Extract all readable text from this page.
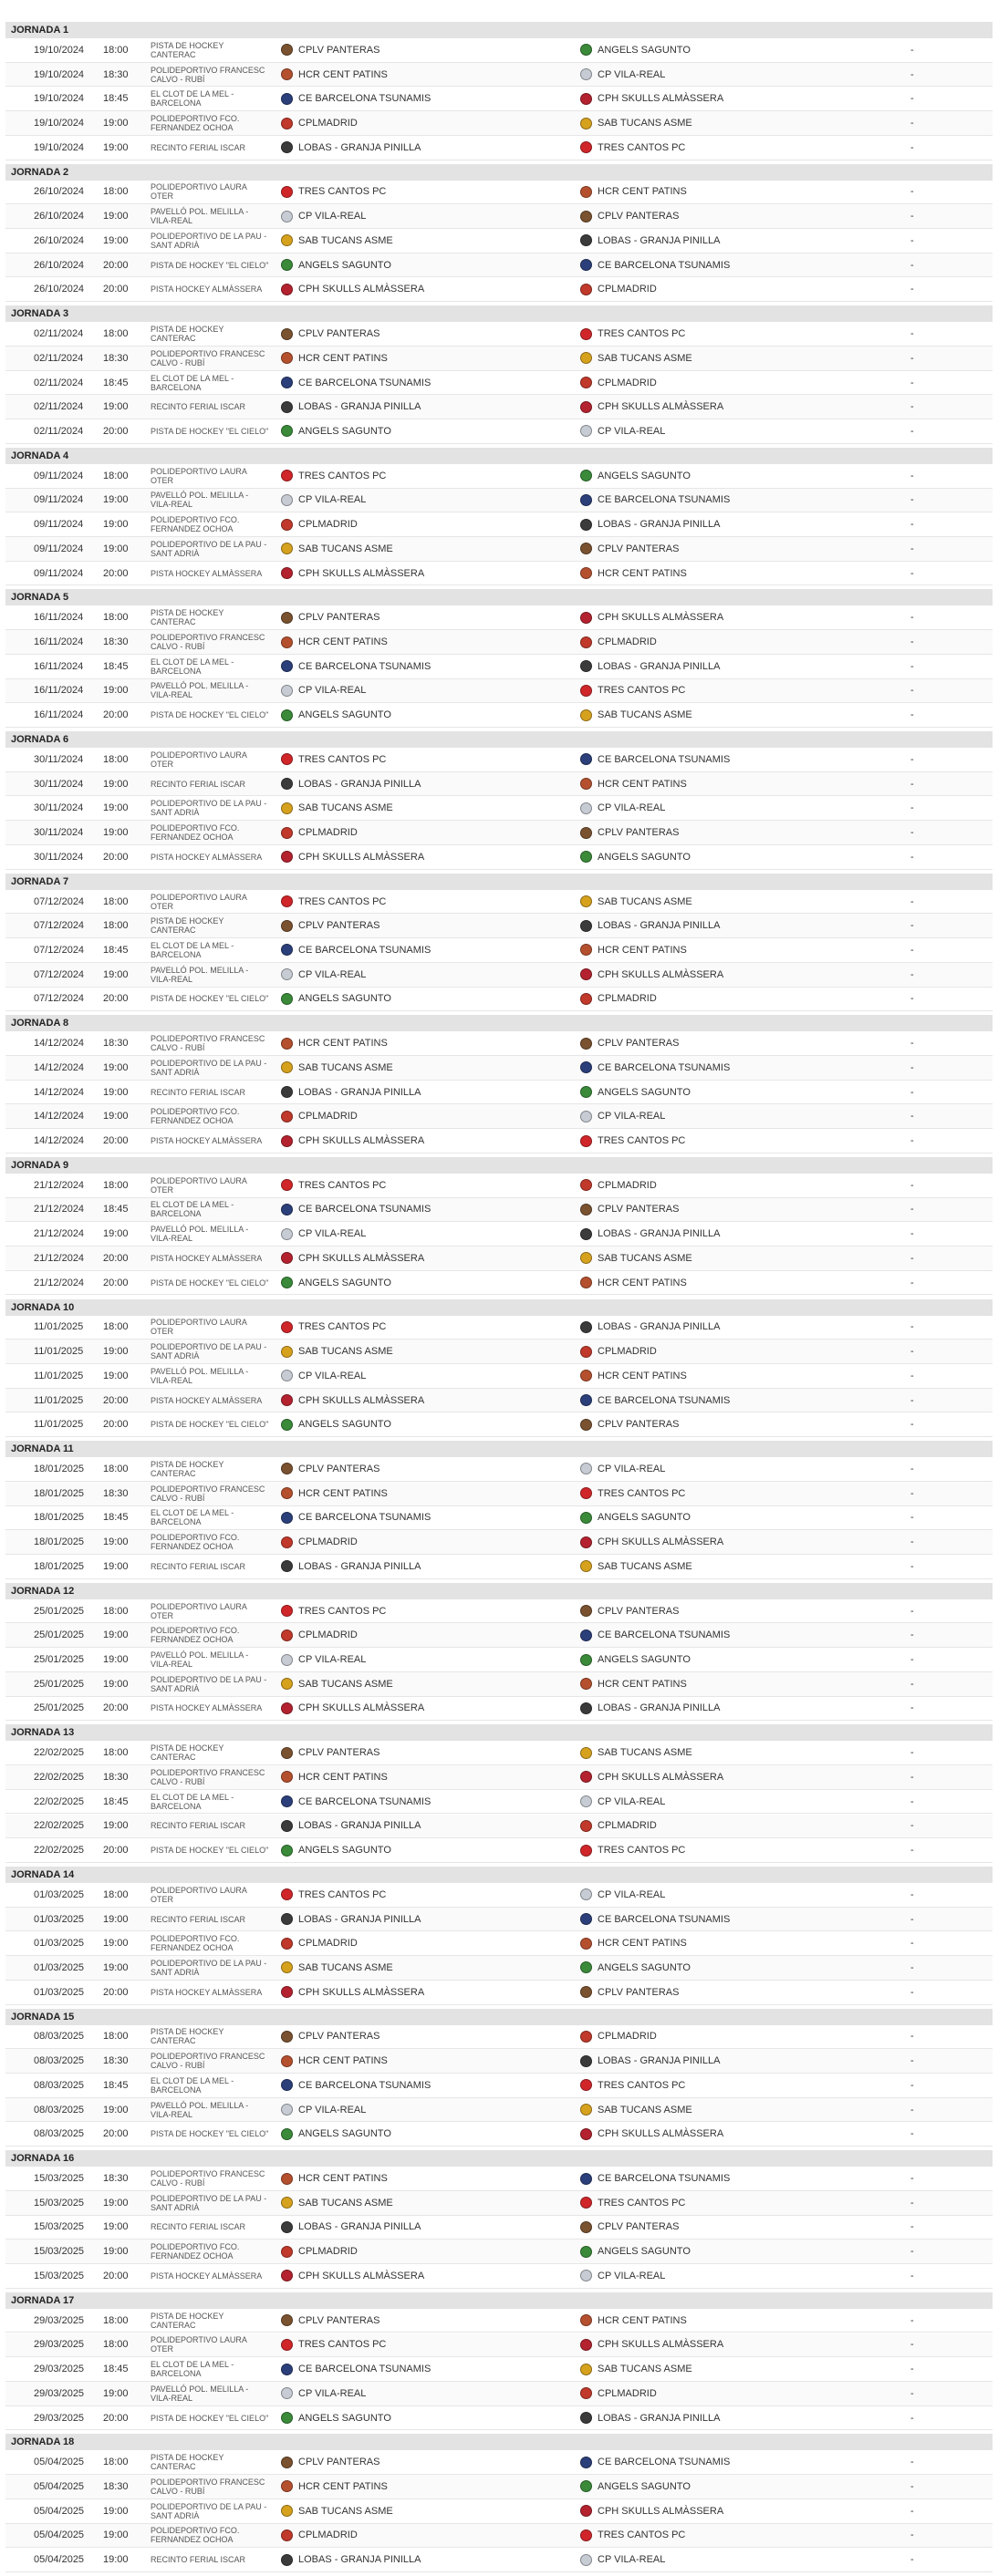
JORNADA 1
19/10/2024 18:00	PISTA DE HOCKEY CANTERAC	CPLV PANTERAS	ANGELS SAGUNTO	-
19/10/2024 18:30	POLIDEPORTIVO FRANCESC CALVO - RUBÍ	HCR CENT PATINS	CP VILA-REAL	-
19/10/2024 18:45	EL CLOT DE LA MEL - BARCELONA	CE BARCELONA TSUNAMIS	CPH SKULLS ALMÀSSERA	-
19/10/2024 19:00	POLIDEPORTIVO FCO. FERNANDEZ OCHOA	CPLMADRID	SAB TUCANS ASME	-
19/10/2024 19:00	RECINTO FERIAL ISCAR	LOBAS - GRANJA PINILLA	TRES CANTOS PC	-
JORNADA 2
26/10/2024 18:00	POLIDEPORTIVO LAURA OTER	TRES CANTOS PC	HCR CENT PATINS	-
26/10/2024 19:00	PAVELLÓ POL. MELILLA - VILA-REAL	CP VILA-REAL	CPLV PANTERAS	-
26/10/2024 19:00	POLIDEPORTIVO DE LA PAU - SANT ADRIÀ	SAB TUCANS ASME	LOBAS - GRANJA PINILLA	-
26/10/2024 20:00	PISTA DE HOCKEY "EL CIELO"	ANGELS SAGUNTO	CE BARCELONA TSUNAMIS	-
26/10/2024 20:00	PISTA HOCKEY ALMÀSSERA	CPH SKULLS ALMÀSSERA	CPLMADRID	-
JORNADA 3
02/11/2024 18:00	PISTA DE HOCKEY CANTERAC	CPLV PANTERAS	TRES CANTOS PC	-
02/11/2024 18:30	POLIDEPORTIVO FRANCESC CALVO - RUBÍ	HCR CENT PATINS	SAB TUCANS ASME	-
02/11/2024 18:45	EL CLOT DE LA MEL - BARCELONA	CE BARCELONA TSUNAMIS	CPLMADRID	-
02/11/2024 19:00	RECINTO FERIAL ISCAR	LOBAS - GRANJA PINILLA	CPH SKULLS ALMÀSSERA	-
02/11/2024 20:00	PISTA DE HOCKEY "EL CIELO"	ANGELS SAGUNTO	CP VILA-REAL	-
JORNADA 4
09/11/2024 18:00	POLIDEPORTIVO LAURA OTER	TRES CANTOS PC	ANGELS SAGUNTO	-
09/11/2024 19:00	PAVELLÓ POL. MELILLA - VILA-REAL	CP VILA-REAL	CE BARCELONA TSUNAMIS	-
09/11/2024 19:00	POLIDEPORTIVO FCO. FERNANDEZ OCHOA	CPLMADRID	LOBAS - GRANJA PINILLA	-
09/11/2024 19:00	POLIDEPORTIVO DE LA PAU - SANT ADRIÀ	SAB TUCANS ASME	CPLV PANTERAS	-
09/11/2024 20:00	PISTA HOCKEY ALMÀSSERA	CPH SKULLS ALMÀSSERA	HCR CENT PATINS	-
JORNADA 5
16/11/2024 18:00	PISTA DE HOCKEY CANTERAC	CPLV PANTERAS	CPH SKULLS ALMÀSSERA	-
16/11/2024 18:30	POLIDEPORTIVO FRANCESC CALVO - RUBÍ	HCR CENT PATINS	CPLMADRID	-
16/11/2024 18:45	EL CLOT DE LA MEL - BARCELONA	CE BARCELONA TSUNAMIS	LOBAS - GRANJA PINILLA	-
16/11/2024 19:00	PAVELLÓ POL. MELILLA - VILA-REAL	CP VILA-REAL	TRES CANTOS PC	-
16/11/2024 20:00	PISTA DE HOCKEY "EL CIELO"	ANGELS SAGUNTO	SAB TUCANS ASME	-
JORNADA 6
30/11/2024 18:00	POLIDEPORTIVO LAURA OTER	TRES CANTOS PC	CE BARCELONA TSUNAMIS	-
30/11/2024 19:00	RECINTO FERIAL ISCAR	LOBAS - GRANJA PINILLA	HCR CENT PATINS	-
30/11/2024 19:00	POLIDEPORTIVO DE LA PAU - SANT ADRIÀ	SAB TUCANS ASME	CP VILA-REAL	-
30/11/2024 19:00	POLIDEPORTIVO FCO. FERNANDEZ OCHOA	CPLMADRID	CPLV PANTERAS	-
30/11/2024 20:00	PISTA HOCKEY ALMÀSSERA	CPH SKULLS ALMÀSSERA	ANGELS SAGUNTO	-
JORNADA 7
07/12/2024 18:00	POLIDEPORTIVO LAURA OTER	TRES CANTOS PC	SAB TUCANS ASME	-
07/12/2024 18:00	PISTA DE HOCKEY CANTERAC	CPLV PANTERAS	LOBAS - GRANJA PINILLA	-
07/12/2024 18:45	EL CLOT DE LA MEL - BARCELONA	CE BARCELONA TSUNAMIS	HCR CENT PATINS	-
07/12/2024 19:00	PAVELLÓ POL. MELILLA - VILA-REAL	CP VILA-REAL	CPH SKULLS ALMÀSSERA	-
07/12/2024 20:00	PISTA DE HOCKEY "EL CIELO"	ANGELS SAGUNTO	CPLMADRID	-
JORNADA 8
14/12/2024 18:30	POLIDEPORTIVO FRANCESC CALVO - RUBÍ	HCR CENT PATINS	CPLV PANTERAS	-
14/12/2024 19:00	POLIDEPORTIVO DE LA PAU - SANT ADRIÀ	SAB TUCANS ASME	CE BARCELONA TSUNAMIS	-
14/12/2024 19:00	RECINTO FERIAL ISCAR	LOBAS - GRANJA PINILLA	ANGELS SAGUNTO	-
14/12/2024 19:00	POLIDEPORTIVO FCO. FERNANDEZ OCHOA	CPLMADRID	CP VILA-REAL	-
14/12/2024 20:00	PISTA HOCKEY ALMÀSSERA	CPH SKULLS ALMÀSSERA	TRES CANTOS PC	-
JORNADA 9
21/12/2024 18:00	POLIDEPORTIVO LAURA OTER	TRES CANTOS PC	CPLMADRID	-
21/12/2024 18:45	EL CLOT DE LA MEL - BARCELONA	CE BARCELONA TSUNAMIS	CPLV PANTERAS	-
21/12/2024 19:00	PAVELLÓ POL. MELILLA - VILA-REAL	CP VILA-REAL	LOBAS - GRANJA PINILLA	-
21/12/2024 20:00	PISTA HOCKEY ALMÀSSERA	CPH SKULLS ALMÀSSERA	SAB TUCANS ASME	-
21/12/2024 20:00	PISTA DE HOCKEY "EL CIELO"	ANGELS SAGUNTO	HCR CENT PATINS	-
JORNADA 10
11/01/2025 18:00	POLIDEPORTIVO LAURA OTER	TRES CANTOS PC	LOBAS - GRANJA PINILLA	-
11/01/2025 19:00	POLIDEPORTIVO DE LA PAU - SANT ADRIÀ	SAB TUCANS ASME	CPLMADRID	-
11/01/2025 19:00	PAVELLÓ POL. MELILLA - VILA-REAL	CP VILA-REAL	HCR CENT PATINS	-
11/01/2025 20:00	PISTA HOCKEY ALMÀSSERA	CPH SKULLS ALMÀSSERA	CE BARCELONA TSUNAMIS	-
11/01/2025 20:00	PISTA DE HOCKEY "EL CIELO"	ANGELS SAGUNTO	CPLV PANTERAS	-
JORNADA 11
18/01/2025 18:00	PISTA DE HOCKEY CANTERAC	CPLV PANTERAS	CP VILA-REAL	-
18/01/2025 18:30	POLIDEPORTIVO FRANCESC CALVO - RUBÍ	HCR CENT PATINS	TRES CANTOS PC	-
18/01/2025 18:45	EL CLOT DE LA MEL - BARCELONA	CE BARCELONA TSUNAMIS	ANGELS SAGUNTO	-
18/01/2025 19:00	POLIDEPORTIVO FCO. FERNANDEZ OCHOA	CPLMADRID	CPH SKULLS ALMÀSSERA	-
18/01/2025 19:00	RECINTO FERIAL ISCAR	LOBAS - GRANJA PINILLA	SAB TUCANS ASME	-
JORNADA 12
25/01/2025 18:00	POLIDEPORTIVO LAURA OTER	TRES CANTOS PC	CPLV PANTERAS	-
25/01/2025 19:00	POLIDEPORTIVO FCO. FERNANDEZ OCHOA	CPLMADRID	CE BARCELONA TSUNAMIS	-
25/01/2025 19:00	PAVELLÓ POL. MELILLA - VILA-REAL	CP VILA-REAL	ANGELS SAGUNTO	-
25/01/2025 19:00	POLIDEPORTIVO DE LA PAU - SANT ADRIÀ	SAB TUCANS ASME	HCR CENT PATINS	-
25/01/2025 20:00	PISTA HOCKEY ALMÀSSERA	CPH SKULLS ALMÀSSERA	LOBAS - GRANJA PINILLA	-
JORNADA 13
22/02/2025 18:00	PISTA DE HOCKEY CANTERAC	CPLV PANTERAS	SAB TUCANS ASME	-
22/02/2025 18:30	POLIDEPORTIVO FRANCESC CALVO - RUBÍ	HCR CENT PATINS	CPH SKULLS ALMÀSSERA	-
22/02/2025 18:45	EL CLOT DE LA MEL - BARCELONA	CE BARCELONA TSUNAMIS	CP VILA-REAL	-
22/02/2025 19:00	RECINTO FERIAL ISCAR	LOBAS - GRANJA PINILLA	CPLMADRID	-
22/02/2025 20:00	PISTA DE HOCKEY "EL CIELO"	ANGELS SAGUNTO	TRES CANTOS PC	-
JORNADA 14
01/03/2025 18:00	POLIDEPORTIVO LAURA OTER	TRES CANTOS PC	CP VILA-REAL	-
01/03/2025 19:00	RECINTO FERIAL ISCAR	LOBAS - GRANJA PINILLA	CE BARCELONA TSUNAMIS	-
01/03/2025 19:00	POLIDEPORTIVO FCO. FERNANDEZ OCHOA	CPLMADRID	HCR CENT PATINS	-
01/03/2025 19:00	POLIDEPORTIVO DE LA PAU - SANT ADRIÀ	SAB TUCANS ASME	ANGELS SAGUNTO	-
01/03/2025 20:00	PISTA HOCKEY ALMÀSSERA	CPH SKULLS ALMÀSSERA	CPLV PANTERAS	-
JORNADA 15
08/03/2025 18:00	PISTA DE HOCKEY CANTERAC	CPLV PANTERAS	CPLMADRID	-
08/03/2025 18:30	POLIDEPORTIVO FRANCESC CALVO - RUBÍ	HCR CENT PATINS	LOBAS - GRANJA PINILLA	-
08/03/2025 18:45	EL CLOT DE LA MEL - BARCELONA	CE BARCELONA TSUNAMIS	TRES CANTOS PC	-
08/03/2025 19:00	PAVELLÓ POL. MELILLA - VILA-REAL	CP VILA-REAL	SAB TUCANS ASME	-
08/03/2025 20:00	PISTA DE HOCKEY "EL CIELO"	ANGELS SAGUNTO	CPH SKULLS ALMÀSSERA	-
JORNADA 16
15/03/2025 18:30	POLIDEPORTIVO FRANCESC CALVO - RUBÍ	HCR CENT PATINS	CE BARCELONA TSUNAMIS	-
15/03/2025 19:00	POLIDEPORTIVO DE LA PAU - SANT ADRIÀ	SAB TUCANS ASME	TRES CANTOS PC	-
15/03/2025 19:00	RECINTO FERIAL ISCAR	LOBAS - GRANJA PINILLA	CPLV PANTERAS	-
15/03/2025 19:00	POLIDEPORTIVO FCO. FERNANDEZ OCHOA	CPLMADRID	ANGELS SAGUNTO	-
15/03/2025 20:00	PISTA HOCKEY ALMÀSSERA	CPH SKULLS ALMÀSSERA	CP VILA-REAL	-
JORNADA 17
29/03/2025 18:00	PISTA DE HOCKEY CANTERAC	CPLV PANTERAS	HCR CENT PATINS	-
29/03/2025 18:00	POLIDEPORTIVO LAURA OTER	TRES CANTOS PC	CPH SKULLS ALMÀSSERA	-
29/03/2025 18:45	EL CLOT DE LA MEL - BARCELONA	CE BARCELONA TSUNAMIS	SAB TUCANS ASME	-
29/03/2025 19:00	PAVELLÓ POL. MELILLA - VILA-REAL	CP VILA-REAL	CPLMADRID	-
29/03/2025 20:00	PISTA DE HOCKEY "EL CIELO"	ANGELS SAGUNTO	LOBAS - GRANJA PINILLA	-
JORNADA 18
05/04/2025 18:00	PISTA DE HOCKEY CANTERAC	CPLV PANTERAS	CE BARCELONA TSUNAMIS	-
05/04/2025 18:30	POLIDEPORTIVO FRANCESC CALVO - RUBÍ	HCR CENT PATINS	ANGELS SAGUNTO	-
05/04/2025 19:00	POLIDEPORTIVO DE LA PAU - SANT ADRIÀ	SAB TUCANS ASME	CPH SKULLS ALMÀSSERA	-
05/04/2025 19:00	POLIDEPORTIVO FCO. FERNANDEZ OCHOA	CPLMADRID	TRES CANTOS PC	-
05/04/2025 19:00	RECINTO FERIAL ISCAR	LOBAS - GRANJA PINILLA	CP VILA-REAL	-
